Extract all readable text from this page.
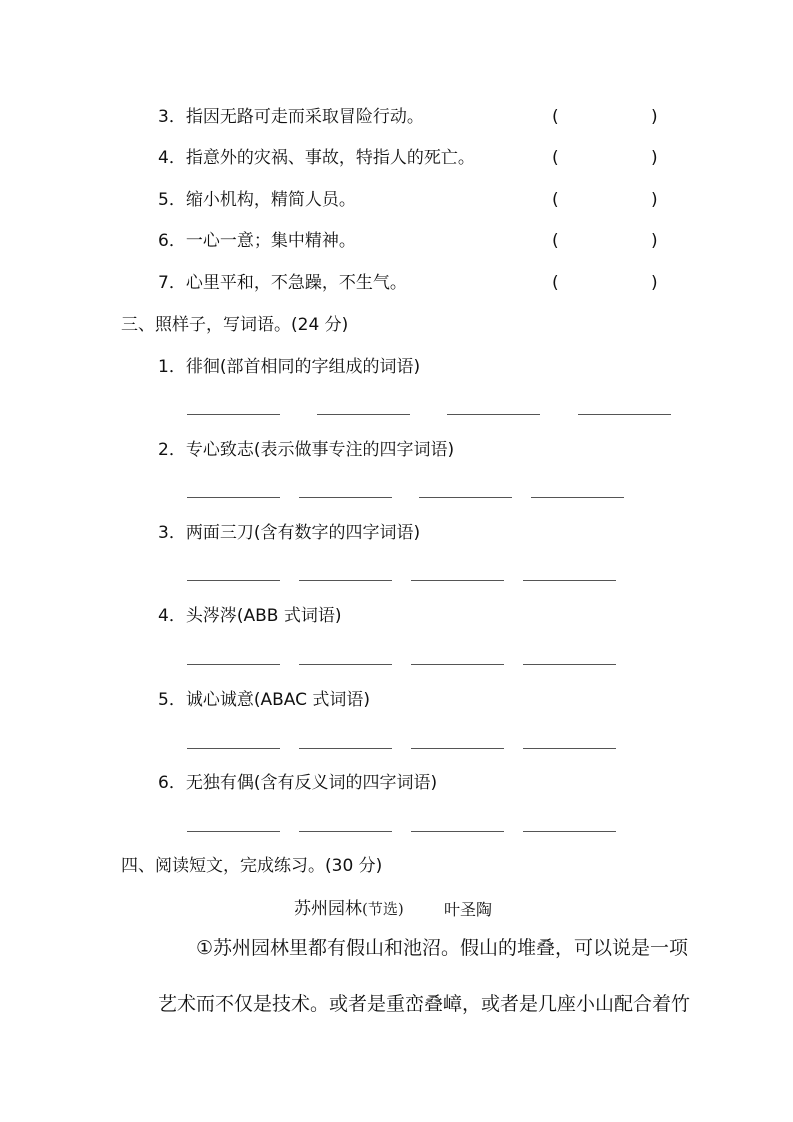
3．指因无路可走而采取冒险行动。	(	)
4．指意外的灾祸、事故，特指人的死亡。	(	)
5．缩小机构，精简人员。	(	)
6．一心一意；集中精神。	(	)
7．心里平和，不急躁，不生气。	(	)
三、照样子，写词语。(24 分)
1．徘徊(部首相同的字组成的词语)
2．专心致志(表示做事专注的四字词语)
3．两面三刀(含有数字的四字词语)
4．头涔涔(ABB 式词语)
5．诚心诚意(ABAC 式词语)
6．无独有偶(含有反义词的四字词语)
四、阅读短文，完成练习。(30 分)
苏州园林(节选)	叶圣陶
①苏州园林里都有假山和池沼。假山的堆叠，可以说是一项
艺术而不仅是技术。或者是重峦叠嶂，或者是几座小山配合着竹
